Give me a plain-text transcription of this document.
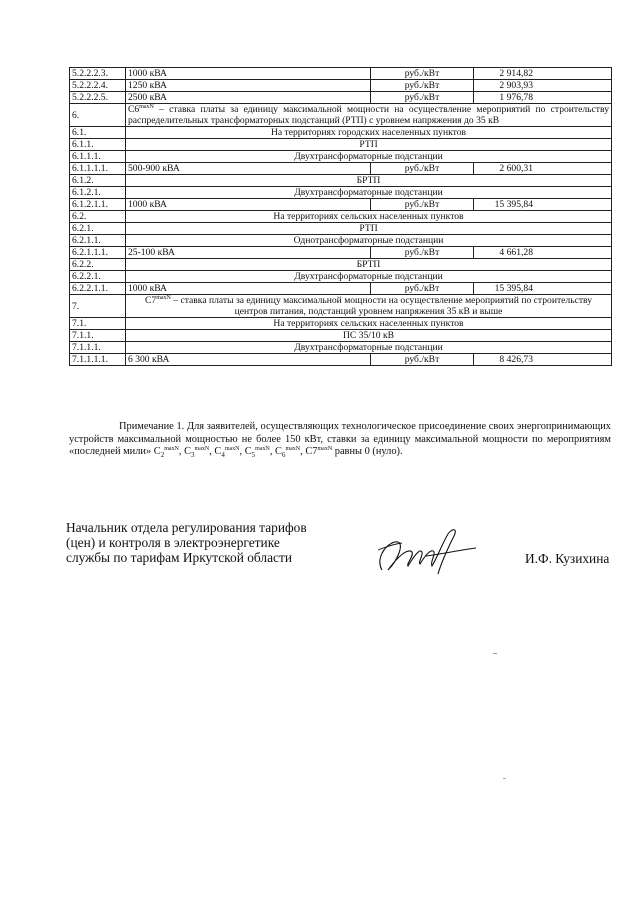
5.2.2.2.3.	1000 кВА	руб./кВт	2 914,82
5.2.2.2.4.	1250 кВА	руб./кВт	2 903,93
5.2.2.2.5.	2500 кВА	руб./кВт	1 976,78
6.	$С6^{maxN}$ – ставка платы за единицу максимальной мощности на осуществление мероприятий по строительству распределительных трансформаторных подстанций (РТП) с уровнем напряжения до 35 кВ		
6.1.	На территориях городских населенных пунктов		
6.1.1.	РТП		
6.1.1.1.	Двухтрансформаторные подстанции		
6.1.1.1.1.	500-900 кВА	руб./кВт	2 600,31
6.1.2.	БРТП		
6.1.2.1.	Двухтрансформаторные подстанции		
6.1.2.1.1.	1000 кВА	руб./кВт	15 395,84
6.2.	На территориях сельских населенных пунктов		
6.2.1.	РТП		
6.2.1.1.	Однотрансформаторные подстанции		
6.2.1.1.1.	25-100 кВА	руб./кВт	4 661,28
6.2.2.	БРТП		
6.2.2.1.	Двухтрансформаторные подстанции		
6.2.2.1.1.	1000 кВА	руб./кВт	15 395,84
7.	$С7^{maxN}$ – ставка платы за единицу максимальной мощности на осуществление мероприятий по строительству центров питания, подстанций уровнем напряжения 35 кВ и выше		
7.1.	На территориях сельских населенных пунктов		
7.1.1.	ПС 35/10 кВ		
7.1.1.1.	Двухтрансформаторные подстанции		
7.1.1.1.1.	6 300 кВА	руб./кВт	8 426,73
Примечание 1. Для заявителей, осуществляющих технологическое присоединение своих энергопринимающих устройств максимальной мощностью не более 150 кВт, ставки за единицу максимальной мощности по мероприятиям «последней мили» $С_2^{maxN}$, $С_3^{maxN}$, $С_4^{maxN}$, $С_5^{maxN}$, $С_6^{maxN}$, $С7^{maxN}$ равны 0 (нуло).
Начальник отдела регулирования тарифов
(цен) и контроля в электроэнергетике
службы по тарифам Иркутской области	И.Ф. Кузихина
